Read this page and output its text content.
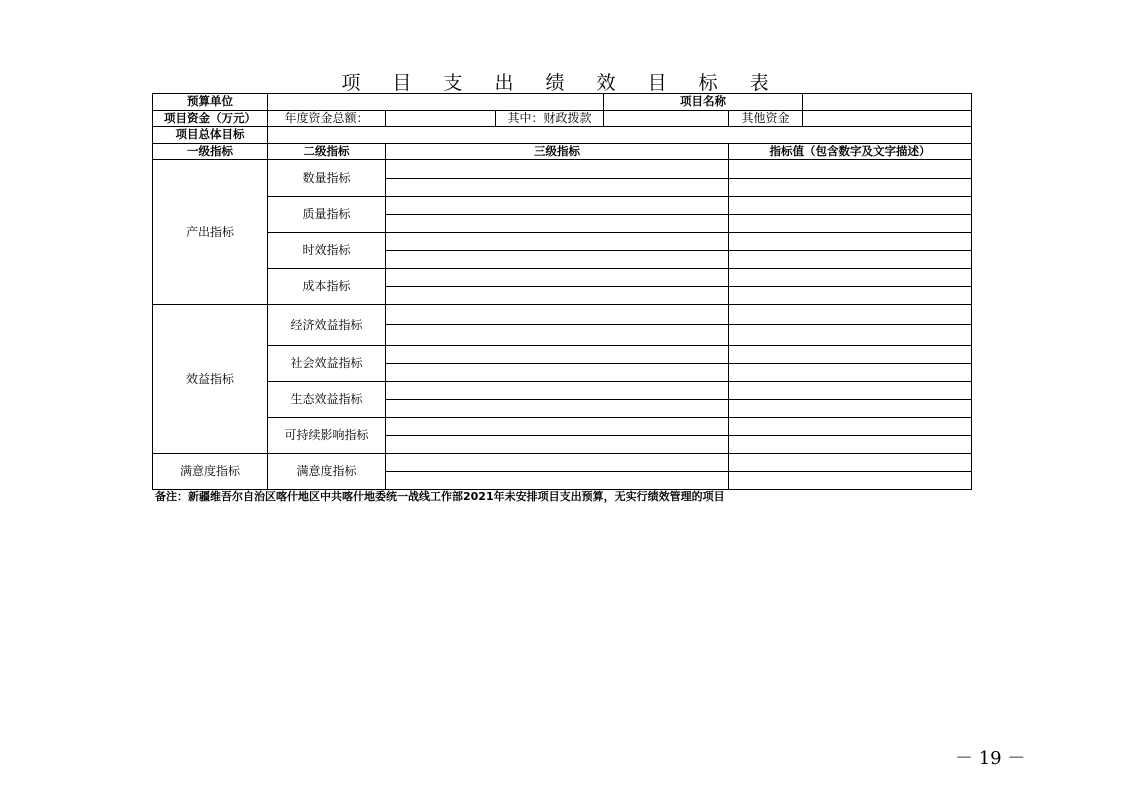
项 目 支 出 绩 效 目 标 表
预算单位				项目名称		
项目资金（万元）	年度资金总额：		其中：财政拨款		其他资金	
项目总体目标						
一级指标	二级指标	三级指标			指标值（包含数字及文字描述）	
产出指标	数量指标					

	质量指标					

	时效指标					

	成本指标					

效益指标	经济效益指标					

	社会效益指标					

	生态效益指标					

	可持续影响指标					

满意度指标	满意度指标					

备注：新疆维吾尔自治区喀什地区中共喀什地委统一战线工作部2021年未安排项目支出预算，无实行绩效管理的项目
－ 19 －
